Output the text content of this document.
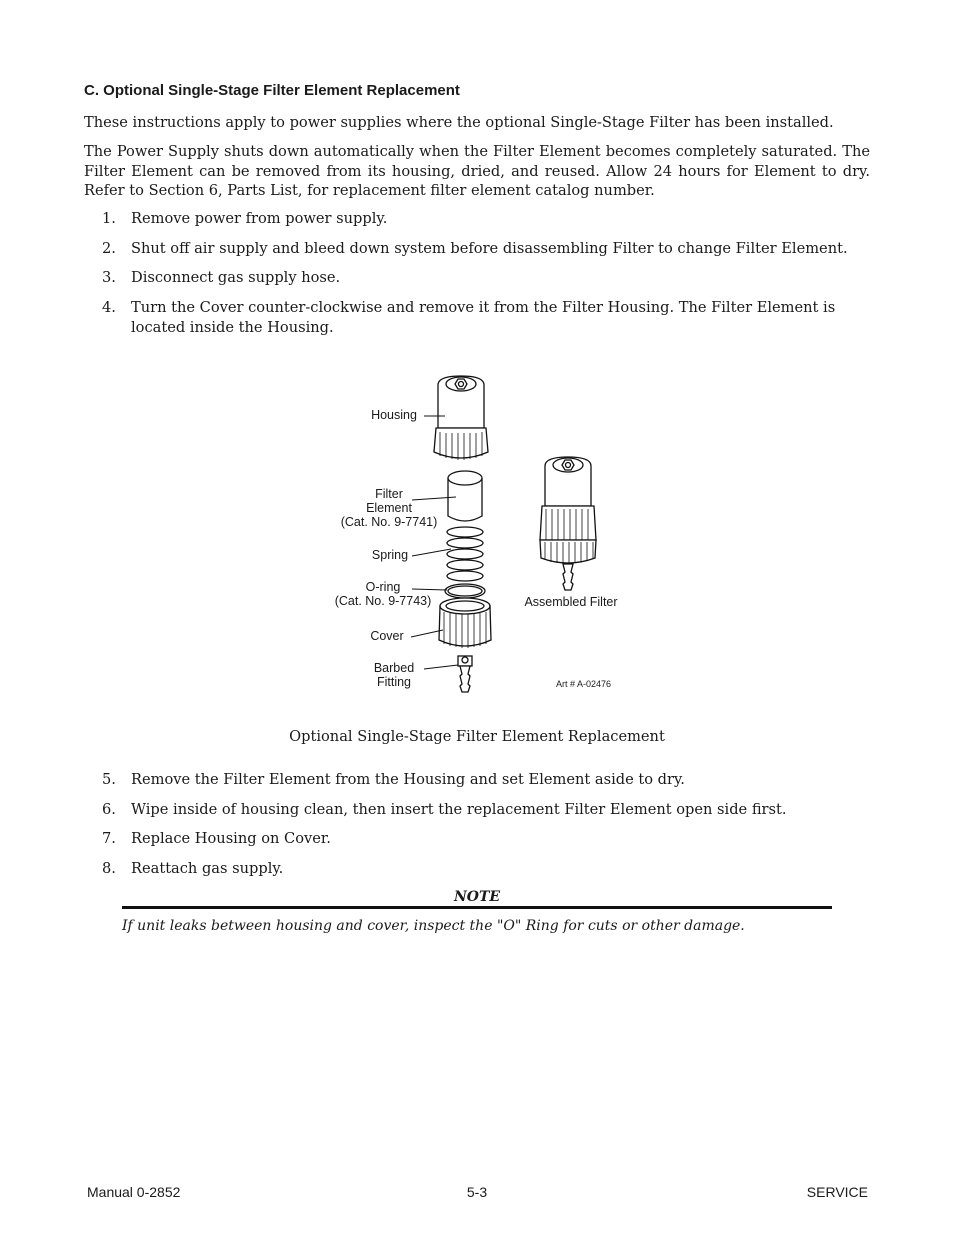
C. Optional Single-Stage Filter Element Replacement
These instructions apply to power supplies where the optional Single-Stage Filter has been installed.
The Power Supply shuts down automatically when the Filter Element becomes completely saturated. The Filter Element can be removed from its housing, dried, and reused. Allow 24 hours for Element to dry. Refer to Section 6, Parts List, for replacement filter element catalog number.
1. Remove power from power supply.
2. Shut off air supply and bleed down system before disassembling Filter to change Filter Element.
3. Disconnect gas supply hose.
4. Turn the Cover counter-clockwise and remove it from the Filter Housing. The Filter Element is located inside the Housing.
Housing
Filter
Element
(Cat. No. 9-7741)
Spring
O-ring
(Cat. No. 9-7743)
Cover
Barbed
Fitting
Assembled Filter
Art # A-02476
Optional Single-Stage Filter Element Replacement
5. Remove the Filter Element from the Housing and set Element aside to dry.
6. Wipe inside of housing clean, then insert the replacement Filter Element open side first.
7. Replace Housing on Cover.
8. Reattach gas supply.
NOTE
If unit leaks between housing and cover, inspect the "O" Ring for cuts or other damage.
Manual 0-2852	5-3	SERVICE
